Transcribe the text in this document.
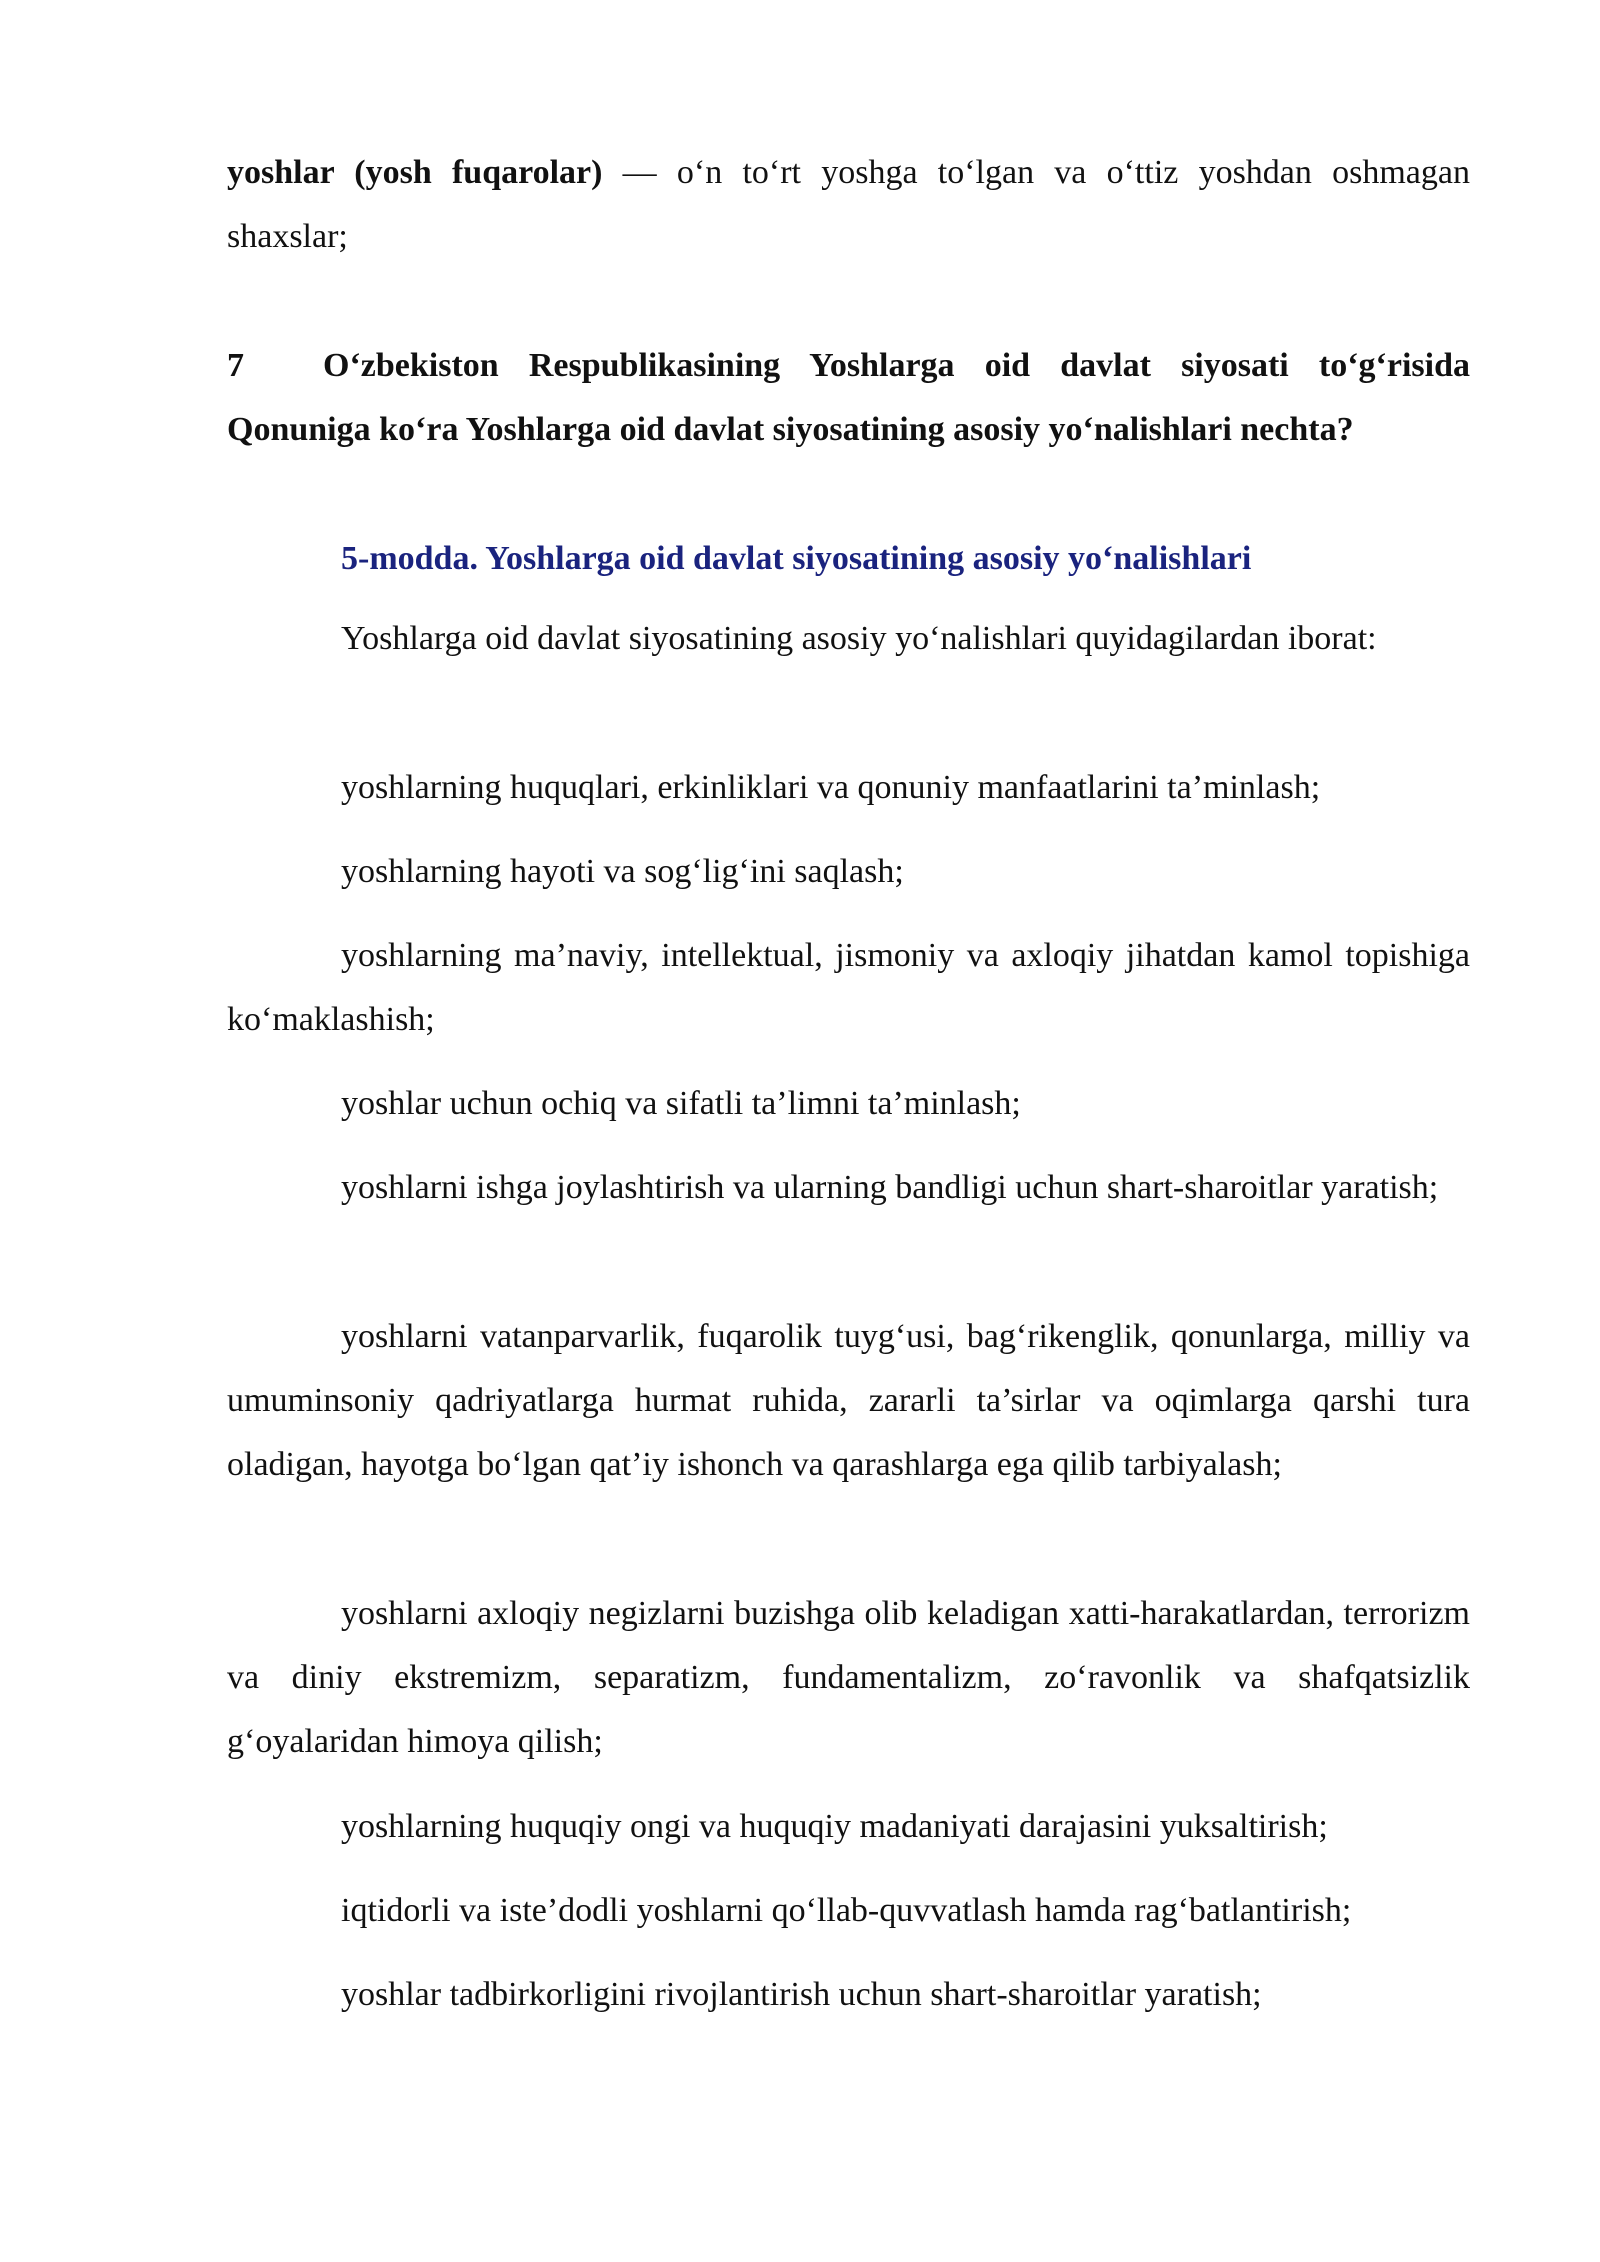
yoshlar (yosh fuqarolar) — o‘n to‘rt yoshga to‘lgan va o‘ttiz yoshdan oshmagan shaxslar;
7 O‘zbekiston Respublikasining Yoshlarga oid davlat siyosati to‘g‘risida Qonuniga ko‘ra Yoshlarga oid davlat siyosatining asosiy yo‘nalishlari nechta?
5-modda. Yoshlarga oid davlat siyosatining asosiy yo‘nalishlari
Yoshlarga oid davlat siyosatining asosiy yo‘nalishlari quyidagilardan iborat:
yoshlarning huquqlari, erkinliklari va qonuniy manfaatlarini ta’minlash;
yoshlarning hayoti va sog‘lig‘ini saqlash;
yoshlarning ma’naviy, intellektual, jismoniy va axloqiy jihatdan kamol topishiga ko‘maklashish;
yoshlar uchun ochiq va sifatli ta’limni ta’minlash;
yoshlarni ishga joylashtirish va ularning bandligi uchun shart-sharoitlar yaratish;
yoshlarni vatanparvarlik, fuqarolik tuyg‘usi, bag‘rikenglik, qonunlarga, milliy va umuminsoniy qadriyatlarga hurmat ruhida, zararli ta’sirlar va oqimlarga qarshi tura oladigan, hayotga bo‘lgan qat’iy ishonch va qarashlarga ega qilib tarbiyalash;
yoshlarni axloqiy negizlarni buzishga olib keladigan xatti-harakatlardan, terrorizm va diniy ekstremizm, separatizm, fundamentalizm, zo‘ravonlik va shafqatsizlik g‘oyalaridan himoya qilish;
yoshlarning huquqiy ongi va huquqiy madaniyati darajasini yuksaltirish;
iqtidorli va iste’dodli yoshlarni qo‘llab-quvvatlash hamda rag‘batlantirish;
yoshlar tadbirkorligini rivojlantirish uchun shart-sharoitlar yaratish;
